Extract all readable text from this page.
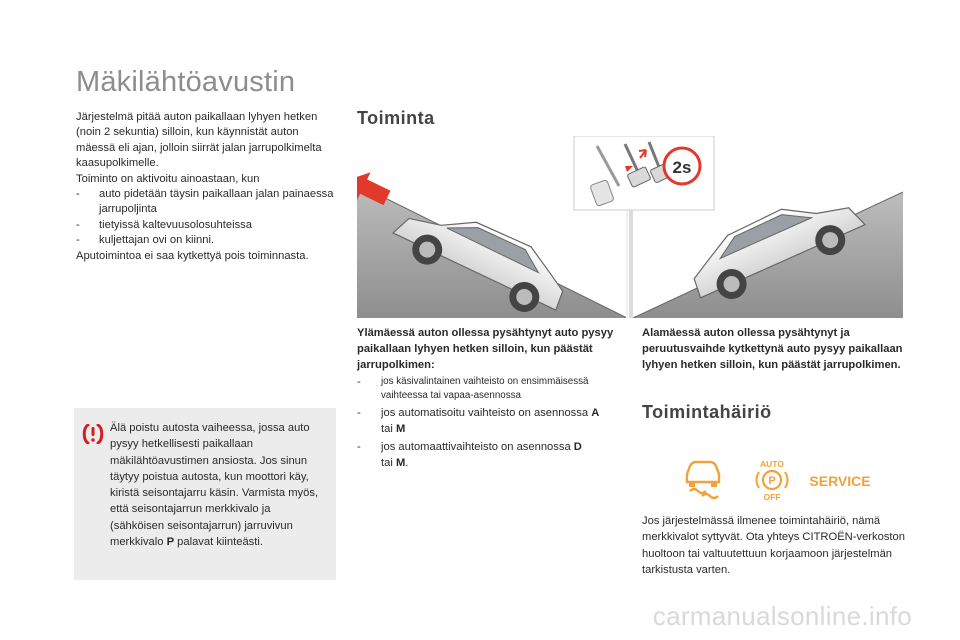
Mäkilähtöavustin
Järjestelmä pitää auton paikallaan lyhyen hetken (noin 2 sekuntia) silloin, kun käynnistät auton mäessä eli ajan, jolloin siirrät jalan jarrupolkimelta kaasupolkimelle.
Toiminto on aktivoitu ainoastaan, kun
-	auto pidetään täysin paikallaan jalan painaessa jarrupoljinta
-	tietyissä kaltevuusolosuhteissa
-	kuljettajan ovi on kiinni.
Aputoimintoa ei saa kytkettyä pois toiminnasta.
Älä poistu autosta vaiheessa, jossa auto pysyy hetkellisesti paikallaan mäkilähtöavustimen ansiosta. Jos sinun täytyy poistua autosta, kun moottori käy, kiristä seisontajarru käsin. Varmista myös, että seisontajarrun merkkivalo ja (sähköisen seisontajarrun) jarruvivun merkkivalo P palavat kiinteästi.
Toiminta
2s
Ylämäessä auton ollessa pysähtynyt auto pysyy paikallaan lyhyen hetken silloin, kun päästät jarrupolkimen:
-	jos käsivalintainen vaihteisto on ensimmäisessä vaihteessa tai vapaa-asennossa
-	jos automatisoitu vaihteisto on asennossa A
tai M
-	jos automaattivaihteisto on asennossa D
tai M.
Alamäessä auton ollessa pysähtynyt ja peruutusvaihde kytkettynä auto pysyy paikallaan lyhyen hetken silloin, kun päästät jarrupolkimen.
Toimintahäiriö
AUTO
P
OFF
SERVICE
Jos järjestelmässä ilmenee toimintahäiriö, nämä merkkivalot syttyvät. Ota yhteys CITROËN-verkoston huoltoon tai valtuutettuun korjaamoon järjestelmän tarkistusta varten.
carmanualsonline.info
